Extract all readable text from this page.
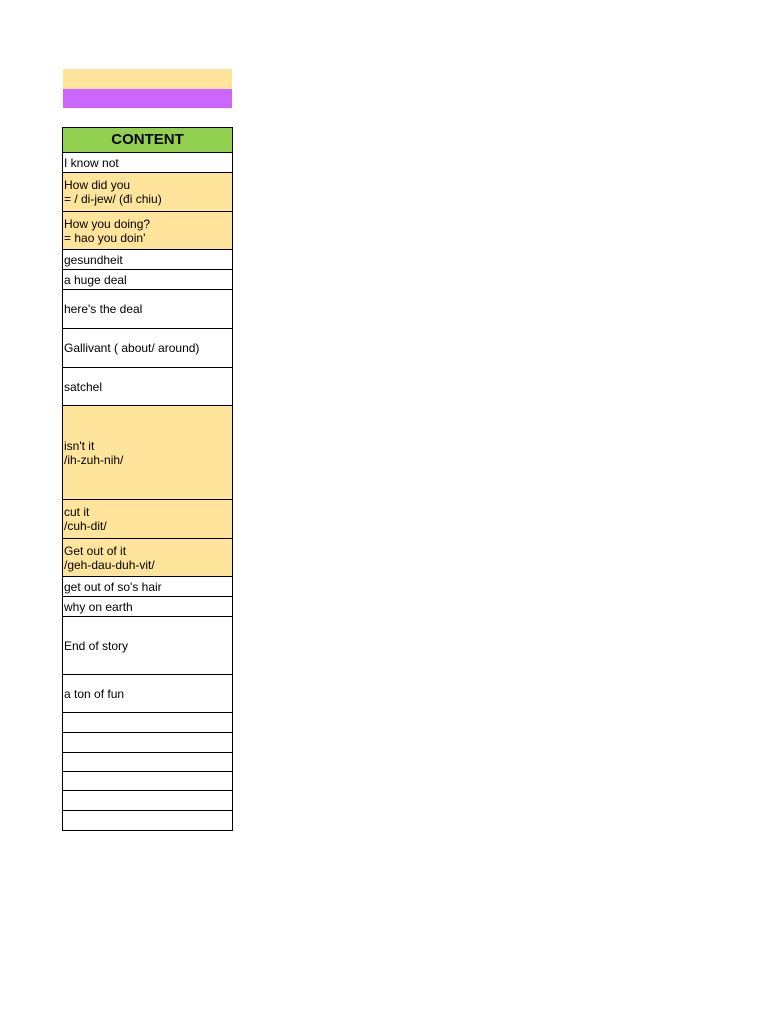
CONTENT

I know not

How did you
= / di-jew/ (đi chiu)

How you doing?
= hao you doin'

gesundheit

a huge deal

here's the deal

Gallivant ( about/ around)

satchel

isn't it
/ih-zuh-nih/

cut it
/cuh-dit/

Get out of it
/geh-dau-duh-vit/

get out of so's hair

why on earth

End of story

a ton of fun
